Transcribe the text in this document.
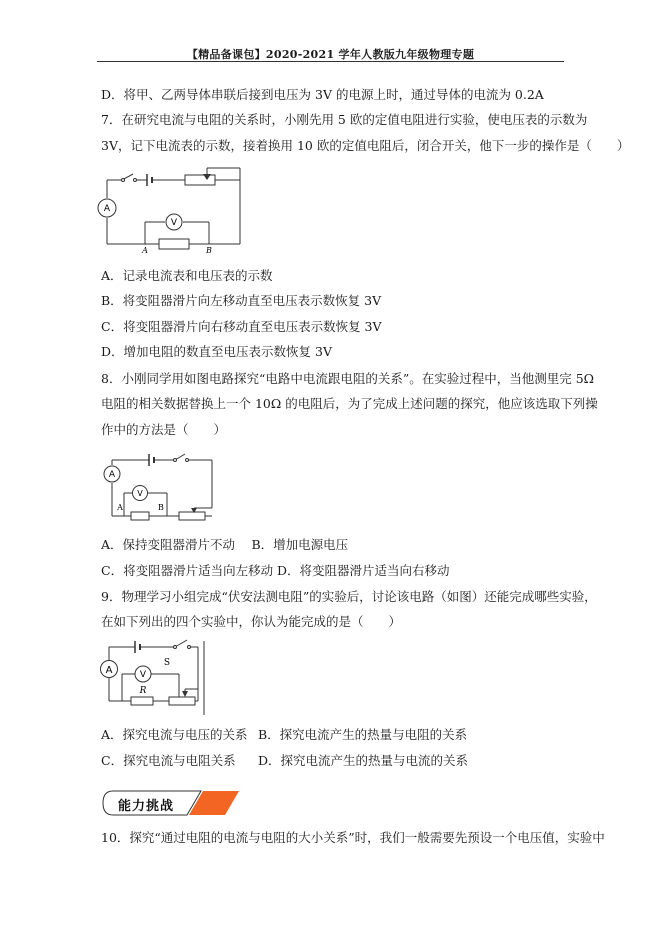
【精品备课包】2020-2021 学年人教版九年级物理专题
D．将甲、乙两导体串联后接到电压为 3V 的电源上时，通过导体的电流为 0.2A
7．在研究电流与电阻的关系时，小刚先用 5 欧的定值电阻进行实验，使电压表的示数为
3V，记下电流表的示数，接着换用 10 欧的定值电阻后，闭合开关，他下一步的操作是（　　）
A
V
A	B
A．记录电流表和电压表的示数
B．将变阻器滑片向左移动直至电压表示数恢复 3V
C．将变阻器滑片向右移动直至电压表示数恢复 3V
D．增加电阻的数直至电压表示数恢复 3V
8．小刚同学用如图电路探究“电路中电流跟电阻的关系”。在实验过程中，当他测里完 5Ω
电阻的相关数据替换上一个 10Ω 的电阻后，为了完成上述问题的探究，他应该选取下列操
作中的方法是（　　）
A
V
A	B
A．保持变阻器滑片不动　 B．增加电源电压
C．将变阻器滑片适当向左移动 D．将变阻器滑片适当向右移动
9．物理学习小组完成“伏安法测电阻”的实验后，讨论该电路（如图）还能完成哪些实验，
在如下列出的四个实验中，你认为能完成的是（　　）
A	V
S
R
A．探究电流与电压的关系 B．探究电流产生的热量与电阻的关系
C．探究电流与电阻关系 D．探究电流产生的热量与电流的关系
能力挑战
10．探究“通过电阻的电流与电阻的大小关系”时，我们一般需要先预设一个电压值，实验中
